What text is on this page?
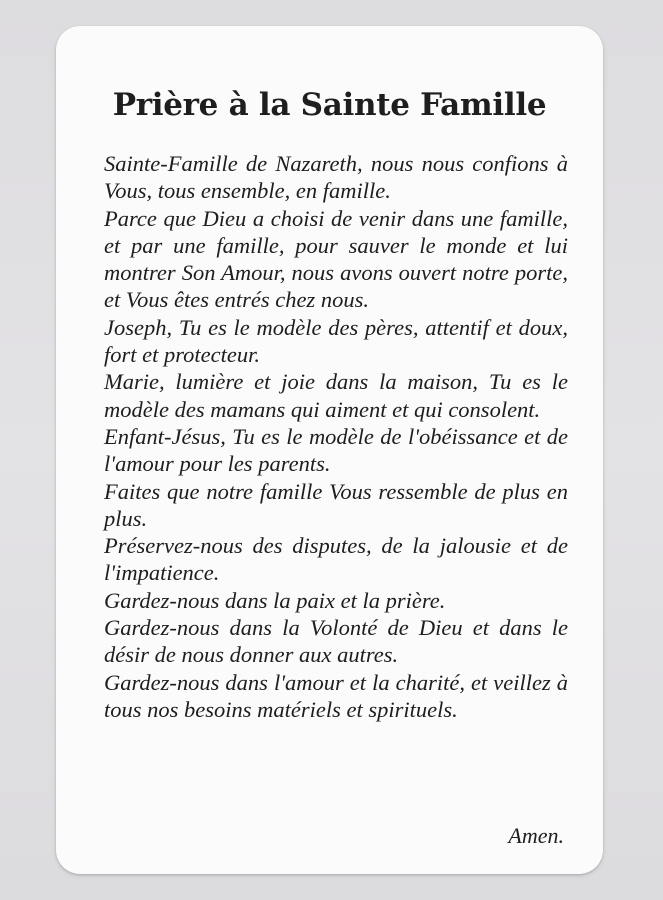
Prière à la Sainte Famille
Sainte-Famille de Nazareth, nous nous confions à Vous, tous ensemble, en famille.
Parce que Dieu a choisi de venir dans une famille, et par une famille, pour sauver le monde et lui montrer Son Amour, nous avons ouvert notre porte, et Vous êtes entrés chez nous.
Joseph, Tu es le modèle des pères, attentif et doux, fort et protecteur.
Marie, lumière et joie dans la maison, Tu es le modèle des mamans qui aiment et qui consolent.
Enfant-Jésus, Tu es le modèle de l'obéissance et de l'amour pour les parents.
Faites que notre famille Vous ressemble de plus en plus.
Préservez-nous des disputes, de la jalousie et de l'impatience.
Gardez-nous dans la paix et la prière.
Gardez-nous dans la Volonté de Dieu et dans le désir de nous donner aux autres.
Gardez-nous dans l'amour et la charité, et veillez à tous nos besoins matériels et spirituels.

Amen.
